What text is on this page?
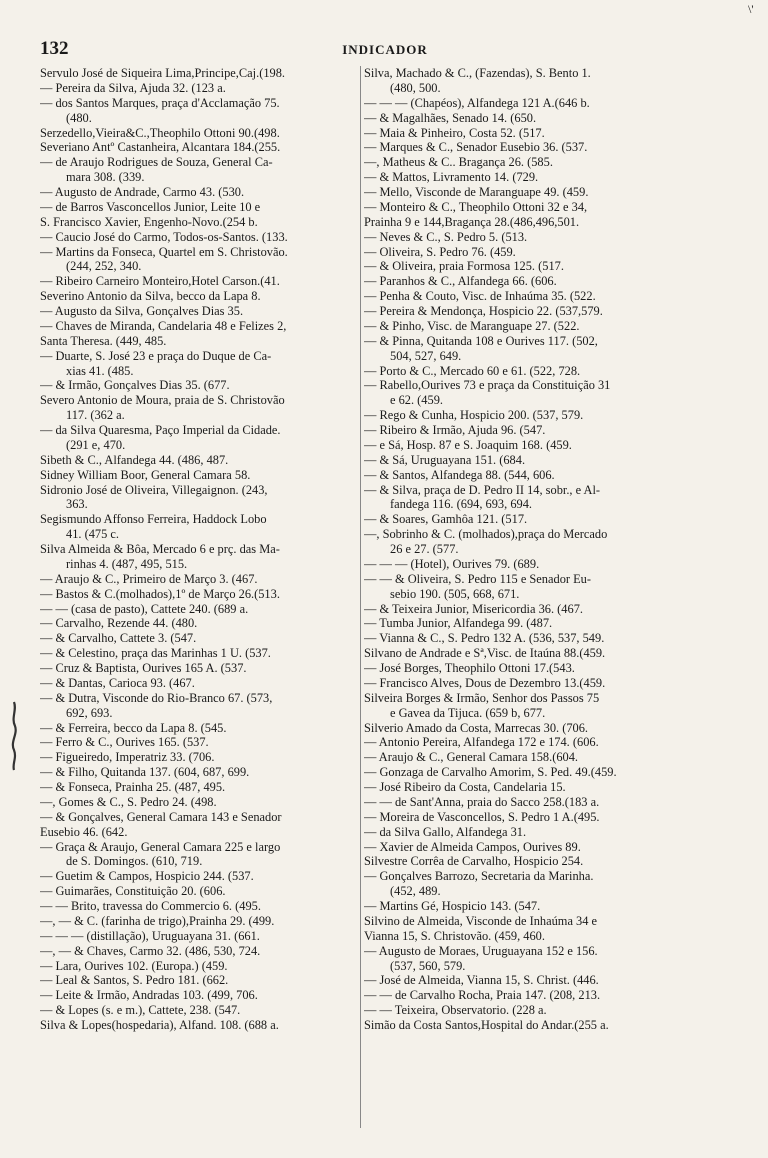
132	INDICADOR
\'
Servulo José de Siqueira Lima,Principe,Caj.(198.
— Pereira da Silva, Ajuda 32. (123 a.
— dos Santos Marques, praça d'Acclamação 75.
(480.
Serzedello,Vieira&C.,Theophilo Ottoni 90.(498.
Severiano Antº Castanheira, Alcantara 184.(255.
— de Araujo Rodrigues de Souza, General Ca-
mara 308. (339.
— Augusto de Andrade, Carmo 43. (530.
— de Barros Vasconcellos Junior, Leite 10 e
S. Francisco Xavier, Engenho-Novo.(254 b.
— Caucio José do Carmo, Todos-os-Santos. (133.
— Martins da Fonseca, Quartel em S. Christovão.
(244, 252, 340.
— Ribeiro Carneiro Monteiro,Hotel Carson.(41.
Severino Antonio da Silva, becco da Lapa 8.
— Augusto da Silva, Gonçalves Dias 35.
— Chaves de Miranda, Candelaria 48 e Felizes 2,
Santa Theresa. (449, 485.
— Duarte, S. José 23 e praça do Duque de Ca-
xias 41. (485.
— & Irmão, Gonçalves Dias 35. (677.
Severo Antonio de Moura, praia de S. Christovão
117. (362 a.
— da Silva Quaresma, Paço Imperial da Cidade.
(291 e, 470.
Sibeth & C., Alfandega 44. (486, 487.
Sidney William Boor, General Camara 58.
Sidronio José de Oliveira, Villegaignon. (243,
363.
Segismundo Affonso Ferreira, Haddock Lobo
41. (475 c.
Silva Almeida & Bôa, Mercado 6 e prç. das Ma-
rinhas 4. (487, 495, 515.
— Araujo & C., Primeiro de Março 3. (467.
— Bastos & C.(molhados),1º de Março 26.(513.
— — (casa de pasto), Cattete 240. (689 a.
— Carvalho, Rezende 44. (480.
— & Carvalho, Cattete 3. (547.
— & Celestino, praça das Marinhas 1 U. (537.
— Cruz & Baptista, Ourives 165 A. (537.
— & Dantas, Carioca 93. (467.
— & Dutra, Visconde do Rio-Branco 67. (573,
692, 693.
— & Ferreira, becco da Lapa 8. (545.
— Ferro & C., Ourives 165. (537.
— Figueiredo, Imperatriz 33. (706.
— & Filho, Quitanda 137. (604, 687, 699.
— & Fonseca, Prainha 25. (487, 495.
—, Gomes & C., S. Pedro 24. (498.
— & Gonçalves, General Camara 143 e Senador
Eusebio 46. (642.
— Graça & Araujo, General Camara 225 e largo
de S. Domingos. (610, 719.
— Guetim & Campos, Hospicio 244. (537.
— Guimarães, Constituição 20. (606.
— — Brito, travessa do Commercio 6. (495.
—, — & C. (farinha de trigo),Prainha 29. (499.
— — — (distillação), Uruguayana 31. (661.
—, — & Chaves, Carmo 32. (486, 530, 724.
— Lara, Ourives 102. (Europa.) (459.
— Leal & Santos, S. Pedro 181. (662.
— Leite & Irmão, Andradas 103. (499, 706.
— & Lopes (s. e m.), Cattete, 238. (547.
Silva & Lopes(hospedaria), Alfand. 108. (688 a.
Silva, Machado & C., (Fazendas), S. Bento 1.
(480, 500.
— — — (Chapéos), Alfandega 121 A.(646 b.
— & Magalhães, Senado 14. (650.
— Maia & Pinheiro, Costa 52. (517.
— Marques & C., Senador Eusebio 36. (537.
—, Matheus & C.. Bragança 26. (585.
— & Mattos, Livramento 14. (729.
— Mello, Visconde de Maranguape 49. (459.
— Monteiro & C., Theophilo Ottoni 32 e 34,
Prainha 9 e 144,Bragança 28.(486,496,501.
— Neves & C., S. Pedro 5. (513.
— Oliveira, S. Pedro 76. (459.
— & Oliveira, praia Formosa 125. (517.
— Paranhos & C., Alfandega 66. (606.
— Penha & Couto, Visc. de Inhaúma 35. (522.
— Pereira & Mendonça, Hospicio 22. (537,579.
— & Pinho, Visc. de Maranguape 27. (522.
— & Pinna, Quitanda 108 e Ourives 117. (502,
504, 527, 649.
— Porto & C., Mercado 60 e 61. (522, 728.
— Rabello,Ourives 73 e praça da Constituição 31
e 62. (459.
— Rego & Cunha, Hospicio 200. (537, 579.
— Ribeiro & Irmão, Ajuda 96. (547.
— e Sá, Hosp. 87 e S. Joaquim 168. (459.
— & Sá, Uruguayana 151. (684.
— & Santos, Alfandega 88. (544, 606.
— & Silva, praça de D. Pedro II 14, sobr., e Al-
fandega 116. (694, 693, 694.
— & Soares, Gamhôa 121. (517.
—, Sobrinho & C. (molhados),praça do Mercado
26 e 27. (577.
— — — (Hotel), Ourives 79. (689.
— — & Oliveira, S. Pedro 115 e Senador Eu-
sebio 190. (505, 668, 671.
— & Teixeira Junior, Misericordia 36. (467.
— Tumba Junior, Alfandega 99. (487.
— Vianna & C., S. Pedro 132 A. (536, 537, 549.
Silvano de Andrade e Sª,Visc. de Itaúna 88.(459.
— José Borges, Theophilo Ottoni 17.(543.
— Francisco Alves, Dous de Dezembro 13.(459.
Silveira Borges & Irmão, Senhor dos Passos 75
e Gavea da Tijuca. (659 b, 677.
Silverio Amado da Costa, Marrecas 30. (706.
— Antonio Pereira, Alfandega 172 e 174. (606.
— Araujo & C., General Camara 158.(604.
— Gonzaga de Carvalho Amorim, S. Ped. 49.(459.
— José Ribeiro da Costa, Candelaria 15.
— — de Sant'Anna, praia do Sacco 258.(183 a.
— Moreira de Vasconcellos, S. Pedro 1 A.(495.
— da Silva Gallo, Alfandega 31.
— Xavier de Almeida Campos, Ourives 89.
Silvestre Corrêa de Carvalho, Hospicio 254.
— Gonçalves Barrozo, Secretaria da Marinha.
(452, 489.
— Martins Gé, Hospicio 143. (547.
Silvino de Almeida, Visconde de Inhaúma 34 e
Vianna 15, S. Christovão. (459, 460.
— Augusto de Moraes, Uruguayana 152 e 156.
(537, 560, 579.
— José de Almeida, Vianna 15, S. Christ. (446.
— — de Carvalho Rocha, Praia 147. (208, 213.
— — Teixeira, Observatorio. (228 a.
Simão da Costa Santos,Hospital do Andar.(255 a.
